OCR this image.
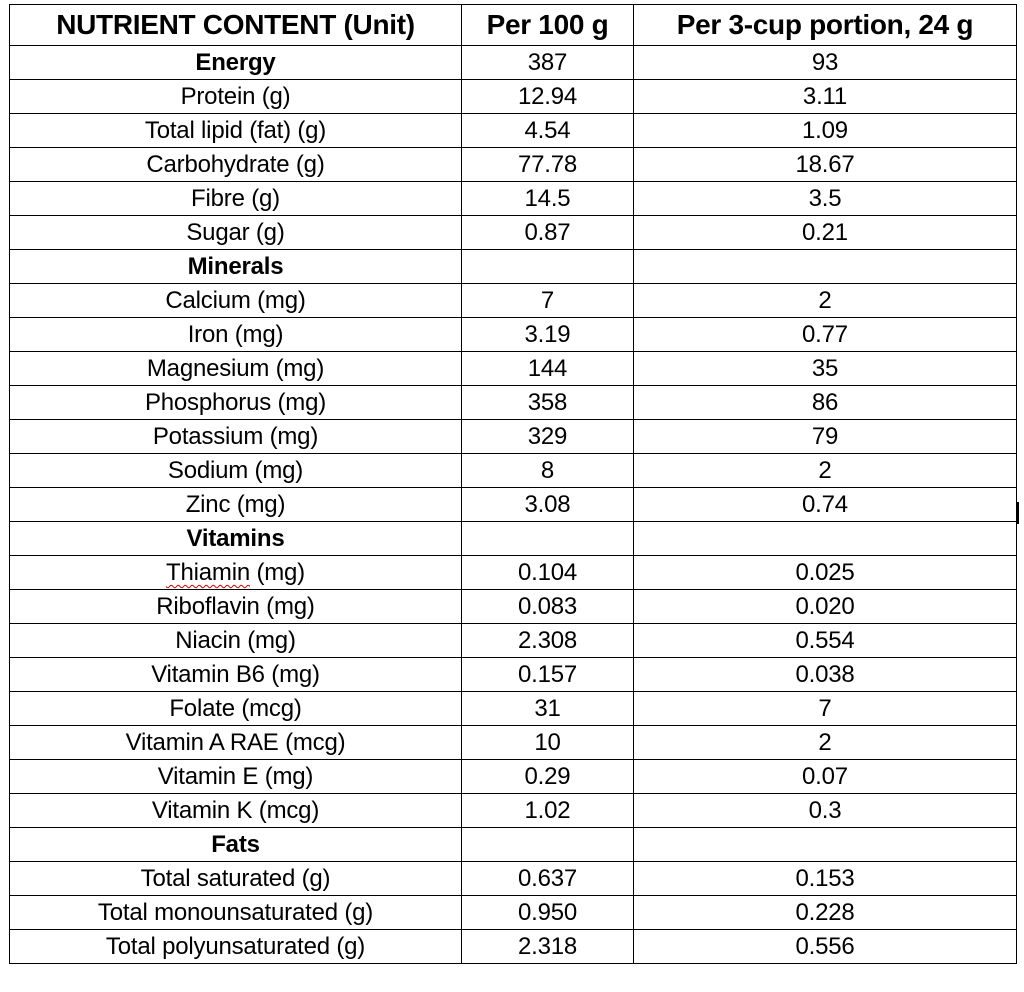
NUTRIENT CONTENT (Unit)	Per 100 g	Per 3-cup portion, 24 g
Energy	387	93
Protein (g)	12.94	3.11
Total lipid (fat) (g)	4.54	1.09
Carbohydrate (g)	77.78	18.67
Fibre (g)	14.5	3.5
Sugar (g)	0.87	0.21
Minerals		
Calcium (mg)	7	2
Iron (mg)	3.19	0.77
Magnesium (mg)	144	35
Phosphorus (mg)	358	86
Potassium (mg)	329	79
Sodium (mg)	8	2
Zinc (mg)	3.08	0.74
Vitamins		
Thiamin (mg)	0.104	0.025
Riboflavin (mg)	0.083	0.020
Niacin (mg)	2.308	0.554
Vitamin B6 (mg)	0.157	0.038
Folate (mcg)	31	7
Vitamin A RAE (mcg)	10	2
Vitamin E (mg)	0.29	0.07
Vitamin K (mcg)	1.02	0.3
Fats		
Total saturated (g)	0.637	0.153
Total monounsaturated (g)	0.950	0.228
Total polyunsaturated (g)	2.318	0.556
